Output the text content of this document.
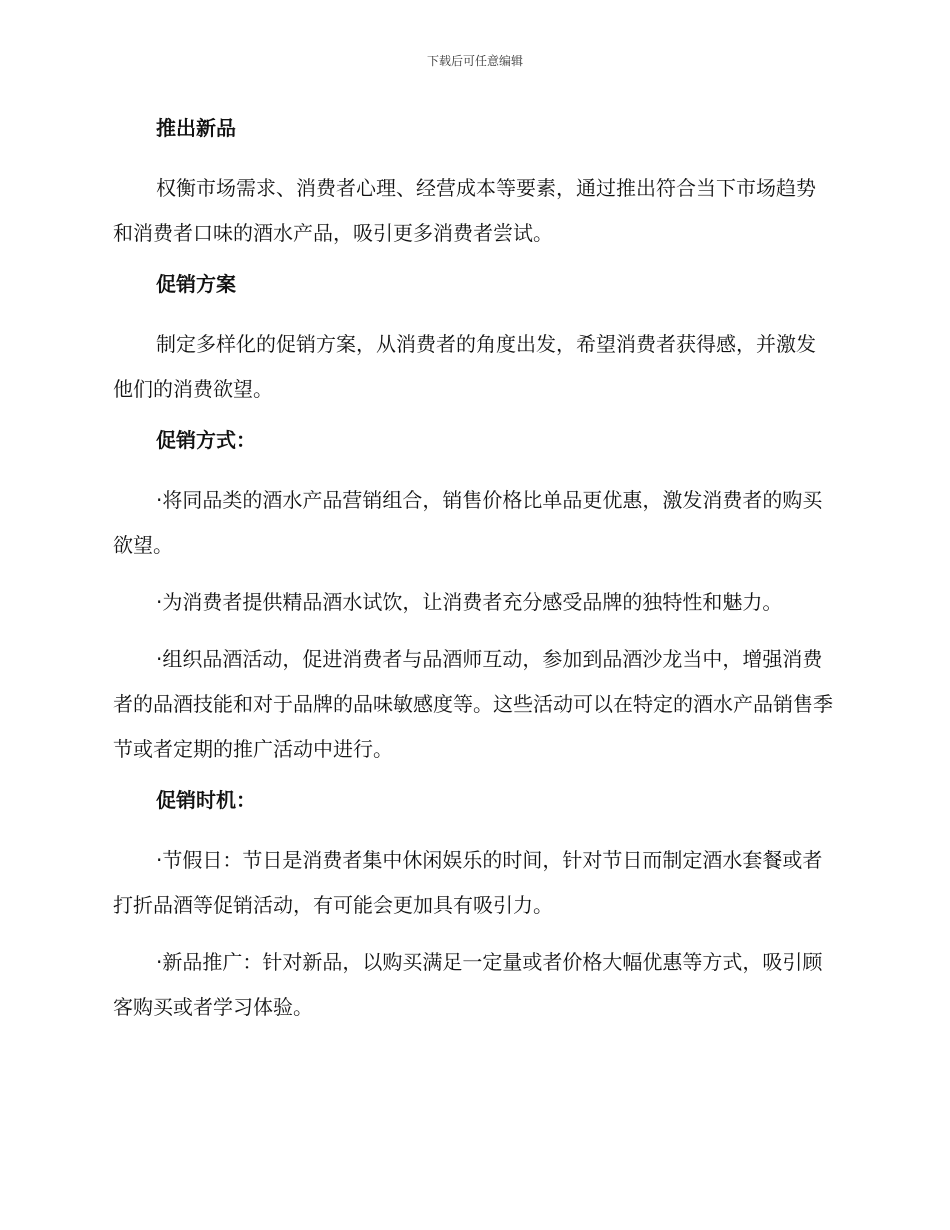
下载后可任意编辑
推出新品

权衡市场需求、消费者心理、经营成本等要素，通过推出符合当下市场趋势和消费者口味的酒水产品，吸引更多消费者尝试。

促销方案

制定多样化的促销方案，从消费者的角度出发，希望消费者获得感，并激发他们的消费欲望。

促销方式：

·将同品类的酒水产品营销组合，销售价格比单品更优惠，激发消费者的购买欲望。

·为消费者提供精品酒水试饮，让消费者充分感受品牌的独特性和魅力。

·组织品酒活动，促进消费者与品酒师互动，参加到品酒沙龙当中，增强消费者的品酒技能和对于品牌的品味敏感度等。这些活动可以在特定的酒水产品销售季节或者定期的推广活动中进行。

促销时机：

·节假日：节日是消费者集中休闲娱乐的时间，针对节日而制定酒水套餐或者打折品酒等促销活动，有可能会更加具有吸引力。

·新品推广：针对新品，以购买满足一定量或者价格大幅优惠等方式，吸引顾客购买或者学习体验。
